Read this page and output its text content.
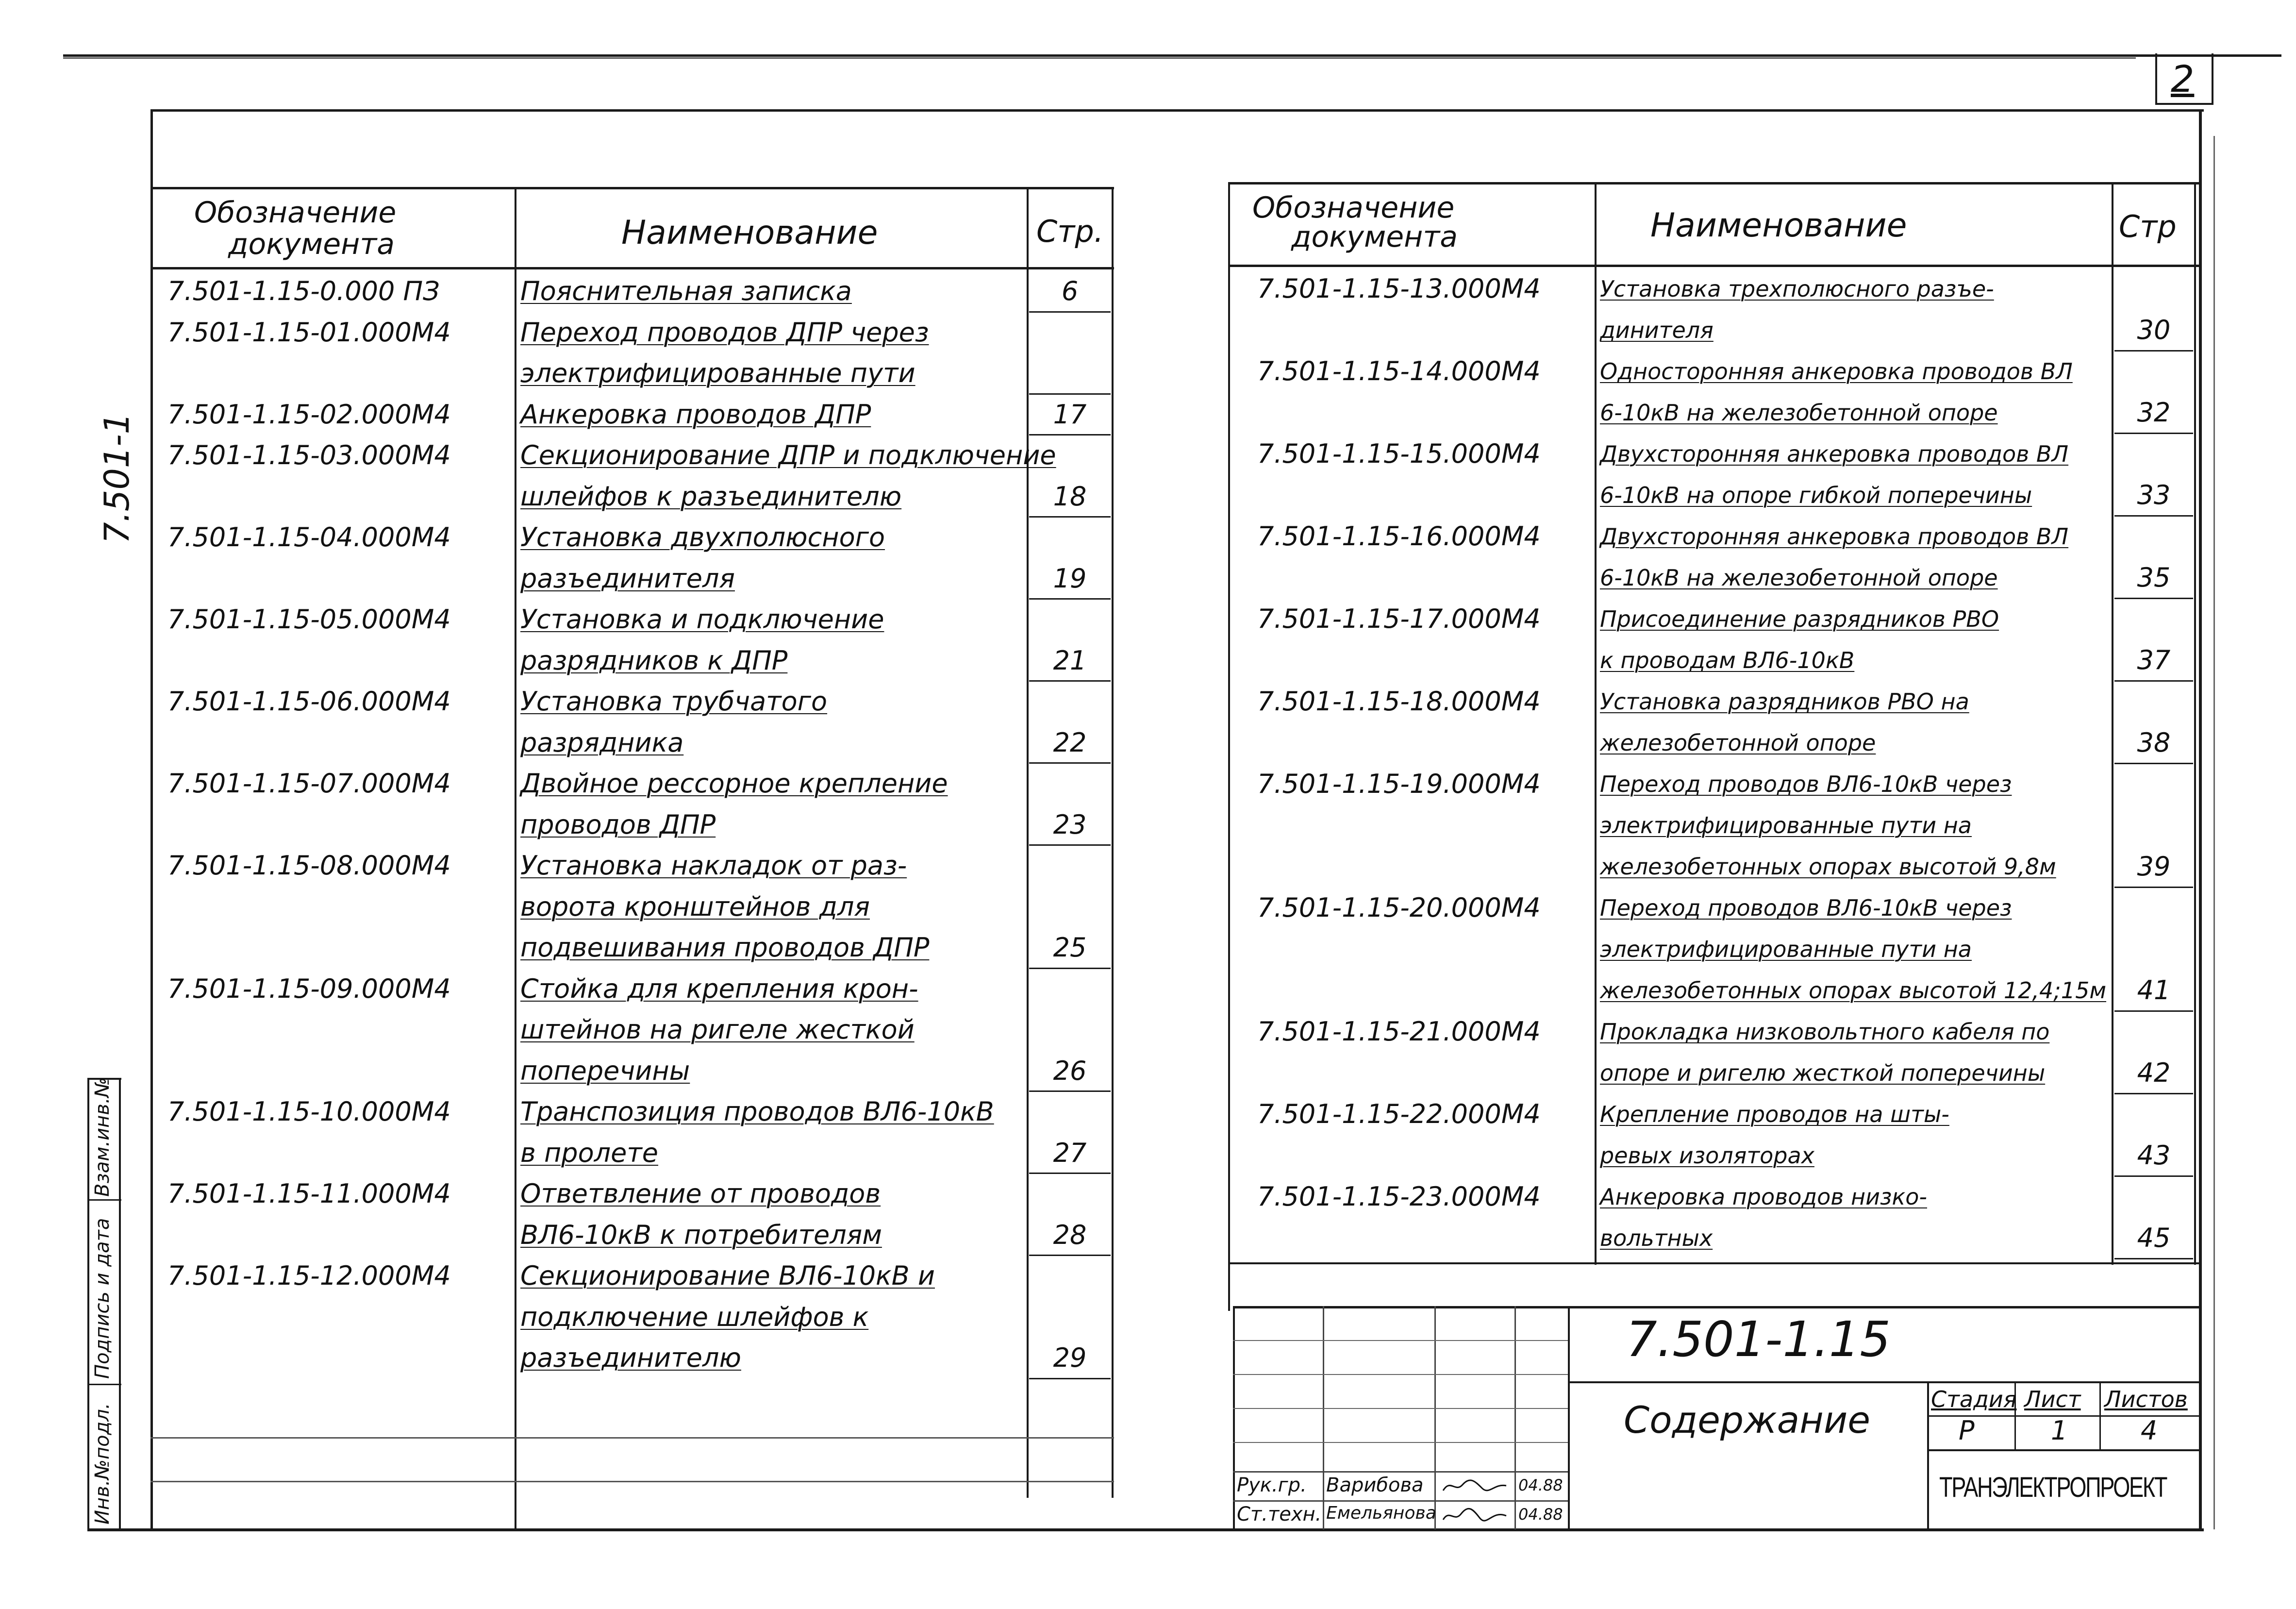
2
7.501-1
Взам.инв.№
Подпись и дата
Инв.№подл.
Обозначение
документа	Наименование	Стр.
7.501-1.15-0.000 ПЗ	Пояснительная записка	6
7.501-1.15-01.000М4	Переход проводов ДПР через
электрифицированные пути
7.501-1.15-02.000М4	Анкеровка проводов ДПР	17
7.501-1.15-03.000М4	Секционирование ДПР и подключение
шлейфов к разъединителю	18
7.501-1.15-04.000М4	Установка двухполюсного
разъединителя	19
7.501-1.15-05.000М4	Установка и подключение
разрядников к ДПР	21
7.501-1.15-06.000М4	Установка трубчатого
разрядника	22
7.501-1.15-07.000М4	Двойное рессорное крепление
проводов ДПР	23
7.501-1.15-08.000М4	Установка накладок от раз-
ворота кронштейнов для
подвешивания проводов ДПР	25
7.501-1.15-09.000М4	Стойка для крепления крон-
штейнов на ригеле жесткой
поперечины	26
7.501-1.15-10.000М4	Транспозиция проводов ВЛ6-10кВ
в пролете	27
7.501-1.15-11.000М4	Ответвление от проводов
ВЛ6-10кВ к потребителям	28
7.501-1.15-12.000М4	Секционирование ВЛ6-10кВ и
подключение шлейфов к
разъединителю	29
Обозначение
документа	Наименование	Стр
7.501-1.15-13.000М4	Установка трехполюсного разъе-
динителя	30
7.501-1.15-14.000М4	Односторонняя анкеровка проводов ВЛ
6-10кВ на железобетонной опоре	32
7.501-1.15-15.000М4	Двухсторонняя анкеровка проводов ВЛ
6-10кВ на опоре гибкой поперечины	33
7.501-1.15-16.000М4	Двухсторонняя анкеровка проводов ВЛ
6-10кВ на железобетонной опоре	35
7.501-1.15-17.000М4	Присоединение разрядников РВО
к проводам ВЛ6-10кВ	37
7.501-1.15-18.000М4	Установка разрядников РВО на
железобетонной опоре	38
7.501-1.15-19.000М4	Переход проводов ВЛ6-10кВ через
электрифицированные пути на
железобетонных опорах высотой 9,8м	39
7.501-1.15-20.000М4	Переход проводов ВЛ6-10кВ через
электрифицированные пути на
железобетонных опорах высотой 12,4;15м	41
7.501-1.15-21.000М4	Прокладка низковольтного кабеля по
опоре и ригелю жесткой поперечины	42
7.501-1.15-22.000М4	Крепление проводов на шты-
ревых изоляторах	43
7.501-1.15-23.000М4	Анкеровка проводов низко-
вольтных	45
7.501-1.15
Содержание	Стадия Лист Листов
Р	1	4
ТРАНЭЛЕКТРОПРОЕКТ
Рук.гр. Варибова	04.88
Ст.техн. Емельянова	04.88
